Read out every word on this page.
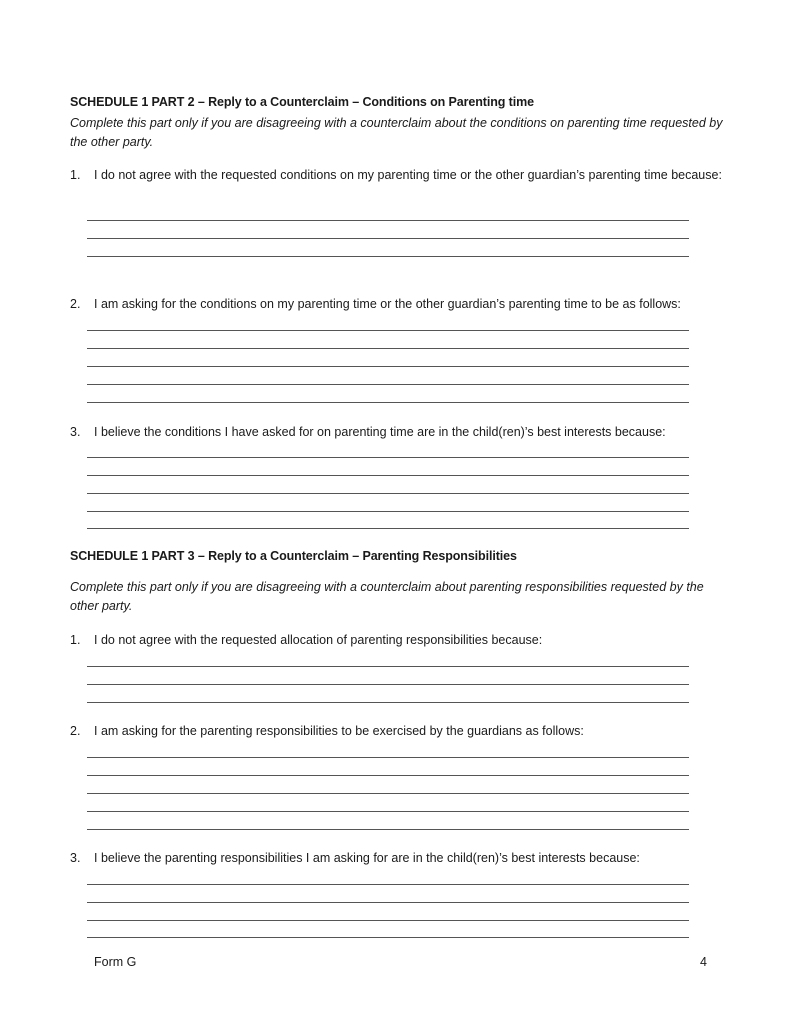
SCHEDULE 1 PART 2 – Reply to a Counterclaim – Conditions on Parenting time
Complete this part only if you are disagreeing with a counterclaim about the conditions on parenting time requested by the other party.
1.	I do not agree with the requested conditions on my parenting time or the other guardian’s parenting time because:
2.	I am asking for the conditions on my parenting time or the other guardian’s parenting time to be as follows:
3.	I believe the conditions I have asked for on parenting time are in the child(ren)’s best interests because:
SCHEDULE 1 PART 3 – Reply to a Counterclaim – Parenting Responsibilities
Complete this part only if you are disagreeing with a counterclaim about parenting responsibilities requested by the other party.
1.	I do not agree with the requested allocation of parenting responsibilities because:
2.	I am asking for the parenting responsibilities to be exercised by the guardians as follows:
3.	I believe the parenting responsibilities I am asking for are in the child(ren)’s best interests because:
Form G	4
